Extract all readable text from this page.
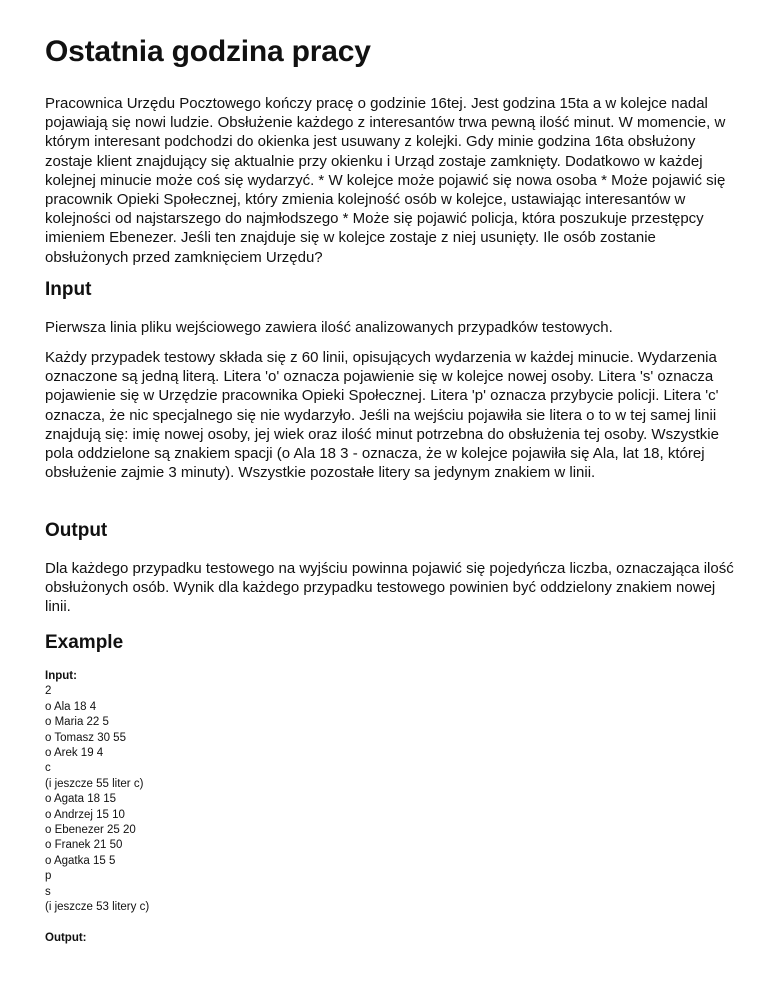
Ostatnia godzina pracy

Pracownica Urzędu Pocztowego kończy pracę o godzinie 16tej. Jest godzina 15ta a w kolejce nadal pojawiają się nowi ludzie. Obsłużenie każdego z interesantów trwa pewną ilość minut. W momencie, w którym interesant podchodzi do okienka jest usuwany z kolejki. Gdy minie godzina 16ta obsłużony zostaje klient znajdujący się aktualnie przy okienku i Urząd zostaje zamknięty. Dodatkowo w każdej kolejnej minucie może coś się wydarzyć. * W kolejce może pojawić się nowa osoba * Może pojawić się pracownik Opieki Społecznej, który zmienia kolejność osób w kolejce, ustawiając interesantów w kolejności od najstarszego do najmłodszego * Może się pojawić policja, która poszukuje przestępcy imieniem Ebenezer. Jeśli ten znajduje się w kolejce zostaje z niej usunięty. Ile osób zostanie obsłużonych przed zamknięciem Urzędu?

Input

Pierwsza linia pliku wejściowego zawiera ilość analizowanych przypadków testowych.

Każdy przypadek testowy składa się z 60 linii, opisujących wydarzenia w każdej minucie. Wydarzenia oznaczone są jedną literą. Litera 'o' oznacza pojawienie się w kolejce nowej osoby. Litera 's' oznacza pojawienie się w Urzędzie pracownika Opieki Społecznej. Litera 'p' oznacza przybycie policji. Litera 'c' oznacza, że nic specjalnego się nie wydarzyło. Jeśli na wejściu pojawiła sie litera o to w tej samej linii znajdują się: imię nowej osoby, jej wiek oraz ilość minut potrzebna do obsłużenia tej osoby. Wszystkie pola oddzielone są znakiem spacji (o Ala 18 3 - oznacza, że w kolejce pojawiła się Ala, lat 18, której obsłużenie zajmie 3 minuty). Wszystkie pozostałe litery sa jedynym znakiem w linii.

Output

Dla każdego przypadku testowego na wyjściu powinna pojawić się pojedyńcza liczba, oznaczająca ilość obsłużonych osób. Wynik dla każdego przypadku testowego powinien być oddzielony znakiem nowej linii.

Example
Input:
2
o Ala 18 4
o Maria 22 5
o Tomasz 30 55
o Arek 19 4
c
(i jeszcze 55 liter c)
o Agata 18 15
o Andrzej 15 10
o Ebenezer 25 20
o Franek 21 50
o Agatka 15 5
p
s
(i jeszcze 53 litery c)
Output:
